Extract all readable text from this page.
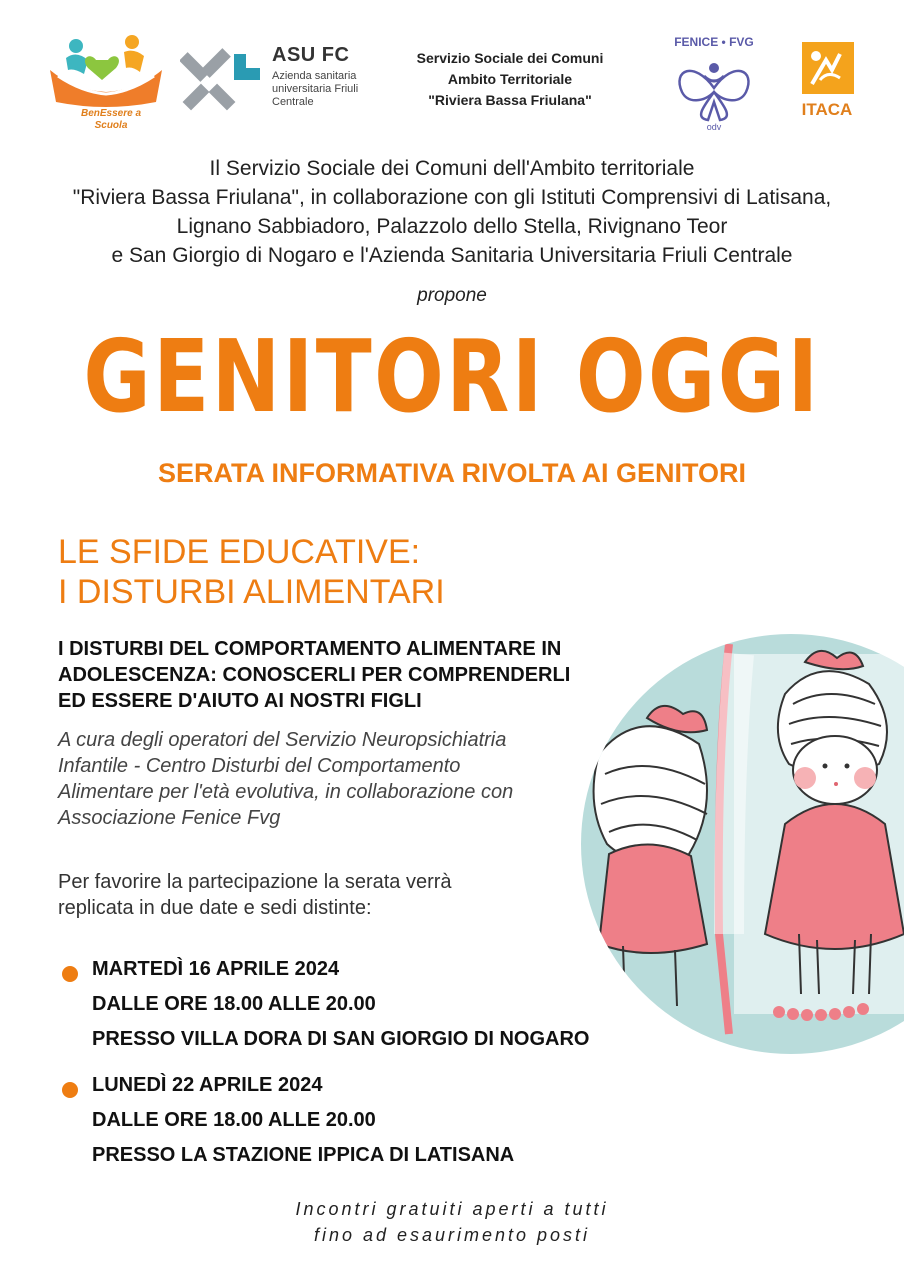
BenEssere a Scuola
ASU FC
Azienda sanitaria universitaria Friuli Centrale
Servizio Sociale dei Comuni
Ambito Territoriale
"Riviera Bassa Friulana"
FENICE • FVG
odv
ITACA
Il Servizio Sociale dei Comuni dell'Ambito territoriale
"Riviera Bassa Friulana", in collaborazione con gli Istituti Comprensivi di Latisana,
Lignano Sabbiadoro, Palazzolo dello Stella, Rivignano Teor
e San Giorgio di Nogaro e l'Azienda Sanitaria Universitaria Friuli Centrale
propone
GENITORI OGGI
SERATA INFORMATIVA RIVOLTA AI GENITORI
LE SFIDE EDUCATIVE:
I DISTURBI ALIMENTARI
I DISTURBI DEL COMPORTAMENTO ALIMENTARE IN
ADOLESCENZA: CONOSCERLI PER COMPRENDERLI
ED ESSERE D'AIUTO AI NOSTRI FIGLI
A cura degli operatori del Servizio Neuropsichiatria
Infantile - Centro Disturbi del Comportamento
Alimentare per l'età evolutiva, in collaborazione con
Associazione Fenice Fvg
Per favorire la partecipazione la serata verrà
replicata in due date e sedi distinte:
MARTEDÌ 16 APRILE 2024
DALLE ORE 18.00 ALLE 20.00
PRESSO VILLA DORA DI SAN GIORGIO DI NOGARO
LUNEDÌ 22 APRILE 2024
DALLE ORE 18.00 ALLE 20.00
PRESSO LA STAZIONE IPPICA DI LATISANA
Incontri gratuiti aperti a tutti
fino ad esaurimento posti
